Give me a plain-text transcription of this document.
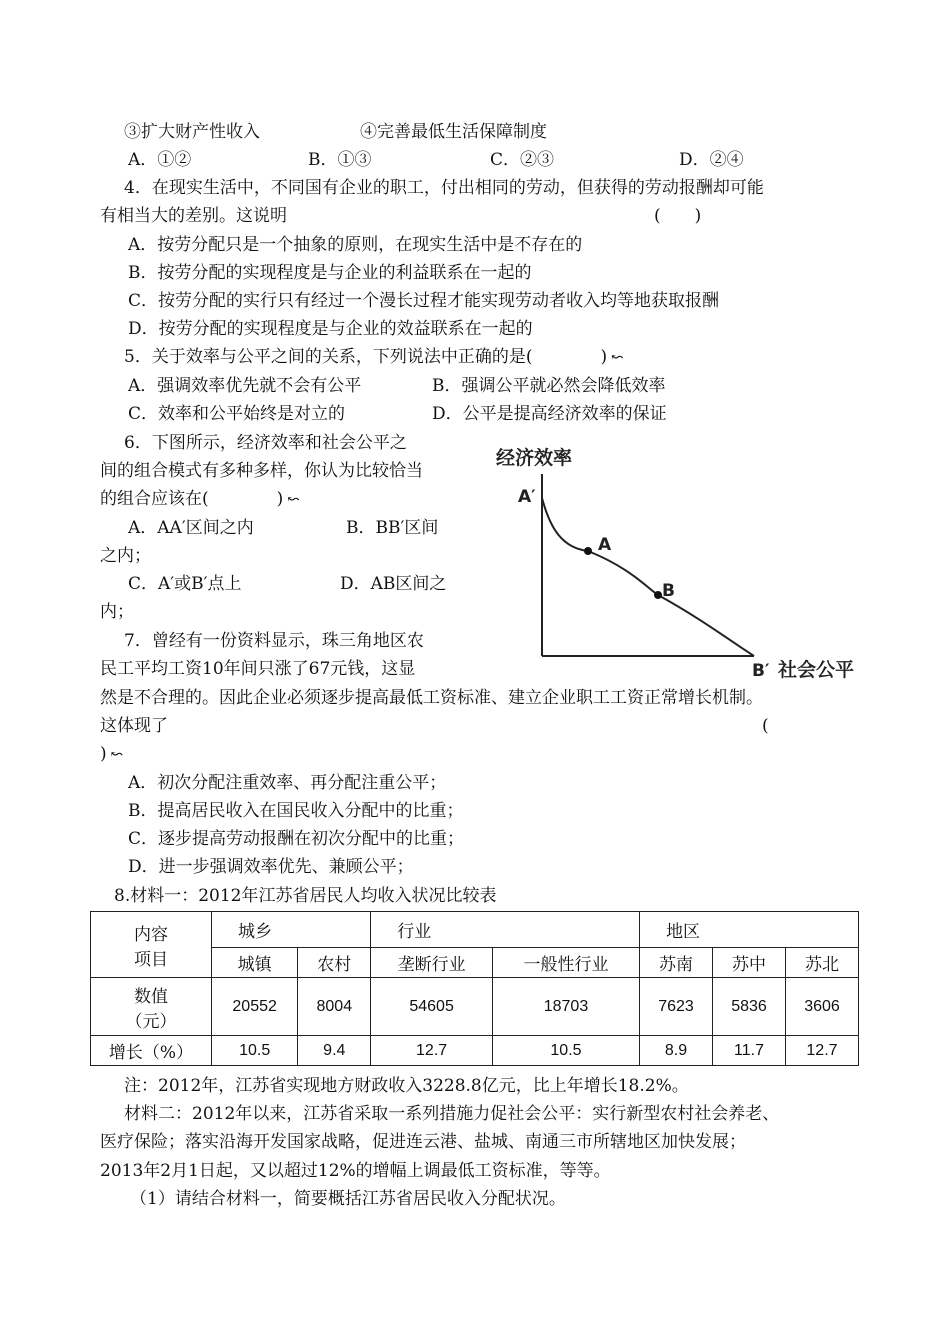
③扩大财产性收入	④完善最低生活保障制度
A．①②	B．①③	C．②③	D．②④
4．在现实生活中，不同国有企业的职工，付出相同的劳动，但获得的劳动报酬却可能
有相当大的差别。这说明	(　　)
A．按劳分配只是一个抽象的原则，在现实生活中是不存在的
B．按劳分配的实现程度是与企业的利益联系在一起的
C．按劳分配的实行只有经过一个漫长过程才能实现劳动者收入均等地获取报酬
D．按劳分配的实现程度是与企业的效益联系在一起的
5．关于效率与公平之间的关系，下列说法中正确的是(　　　　) ↜
A．强调效率优先就不会有公平	B．强调公平就必然会降低效率
C．效率和公平始终是对立的	D．公平是提高经济效率的保证
6．下图所示，经济效率和社会公平之
间的组合模式有多种多样，你认为比较恰当
的组合应该在(　　　　) ↜
A．AA′区间之内	B．BB′区间
之内；
C．A′或B′点上	D．AB区间之
内；
经济效率
A′
A
B
B′ 社会公平
7．曾经有一份资料显示，珠三角地区农
民工平均工资10年间只涨了67元钱，这显
然是不合理的。因此企业必须逐步提高最低工资标准、建立企业职工工资正常增长机制。
这体现了	(
) ↜
A．初次分配注重效率、再分配注重公平；
B．提高居民收入在国民收入分配中的比重；
C．逐步提高劳动报酬在初次分配中的比重；
D．进一步强调效率优先、兼顾公平；
8.材料一：2012年江苏省居民人均收入状况比较表
内容
项目	城乡		行业		地区		
	城镇	农村	垄断行业	一般性行业	苏南	苏中	苏北

数值
（元）	20552	8004	54605	18703	7623	5836	3606
增长（%）	10.5	9.4	12.7	10.5	8.9	11.7	12.7
注：2012年，江苏省实现地方财政收入3228.8亿元，比上年增长18.2%。
材料二：2012年以来，江苏省采取一系列措施力促社会公平：实行新型农村社会养老、
医疗保险；落实沿海开发国家战略，促进连云港、盐城、南通三市所辖地区加快发展；
2013年2月1日起，又以超过12%的增幅上调最低工资标准，等等。
（1）请结合材料一，简要概括江苏省居民收入分配状况。
